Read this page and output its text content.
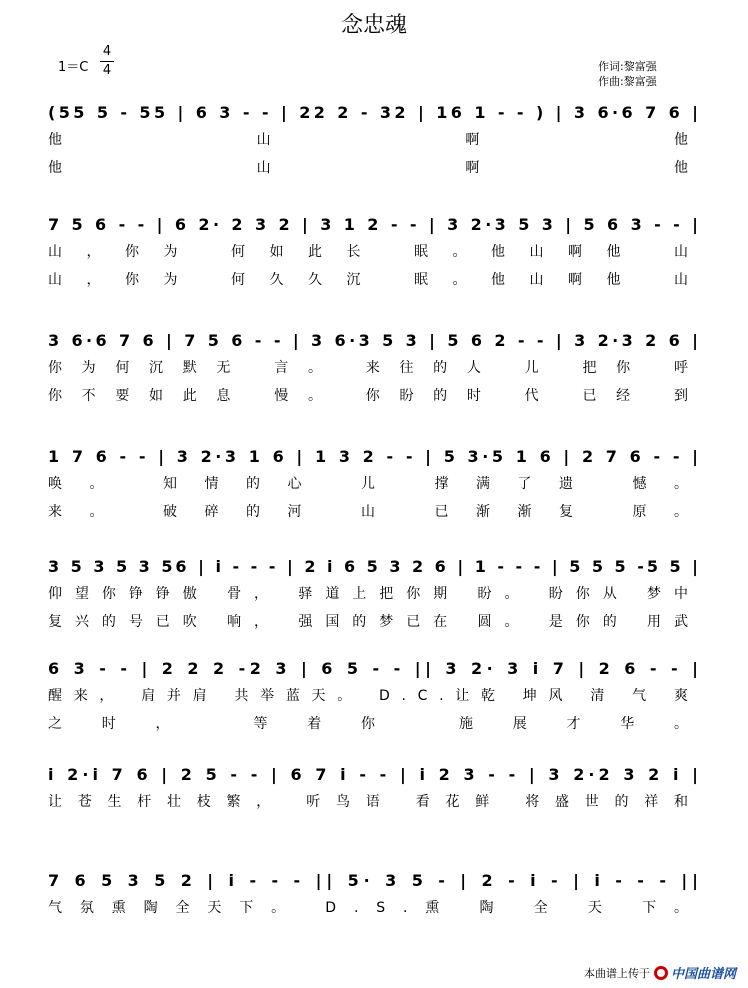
念忠魂
1＝C
4
4	作词:黎富强
作曲:黎富强
(55 5 - 55 | 6 3 - - | 22 2 - 32 | 16 1 - - ) | 3 6·6 7 6 |
他 山 啊 他
他 山 啊 他
7 5 6 - - | 6 2· 2 3 2 | 3 1 2 - - | 3 2·3 5 3 | 5 6 3 - - |
山，你为 何如此长 眠。他山啊他 山
山，你为 何久久沉 眠。他山啊他 山
3 6·6 7 6 | 7 5 6 - - | 3 6·3 5 3 | 5 6 2 - - | 3 2·3 2 6 |
你为何沉默无 言。 来往的人 儿 把你 呼
你不要如此息 慢。 你盼的时 代 已经 到
1 7 6 - - | 3 2·3 1 6 | 1 3 2 - - | 5 3·5 1 6 | 2 7 6 - - |
唤。 知情的心 儿 撑满了遗 憾。
来。 破碎的河 山 已渐渐复 原。
3 5 3 5 3 56 | i - - - | 2 i 6 5 3 2 6 | 1 - - - | 5 5 5 -5 5 |
仰望你铮铮傲 骨， 驿道上把你期 盼。 盼你从 梦中
复兴的号已吹 响， 强国的梦已在 圆。 是你的 用武
6 3 - - | 2 2 2 -2 3 | 6 5 - - || 3 2· 3 i 7 | 2 6 - - |
醒来， 肩并肩 共举蓝天。 D.C.让乾 坤风 清 气 爽
之时， 等着你 施展才华。
i 2·i 7 6 | 2 5 - - | 6 7 i - - | i 2 3 - - | 3 2·2 3 2 i |
让苍生杆壮枝繁， 听鸟语 看花鲜 将盛世的祥和
7 6 5 3 5 2 | i - - - || 5· 3 5 - | 2 - i - | i - - - ||
气氛熏陶全天下。 D.S.熏 陶 全 天 下。
本曲谱上传于 中国曲谱网
